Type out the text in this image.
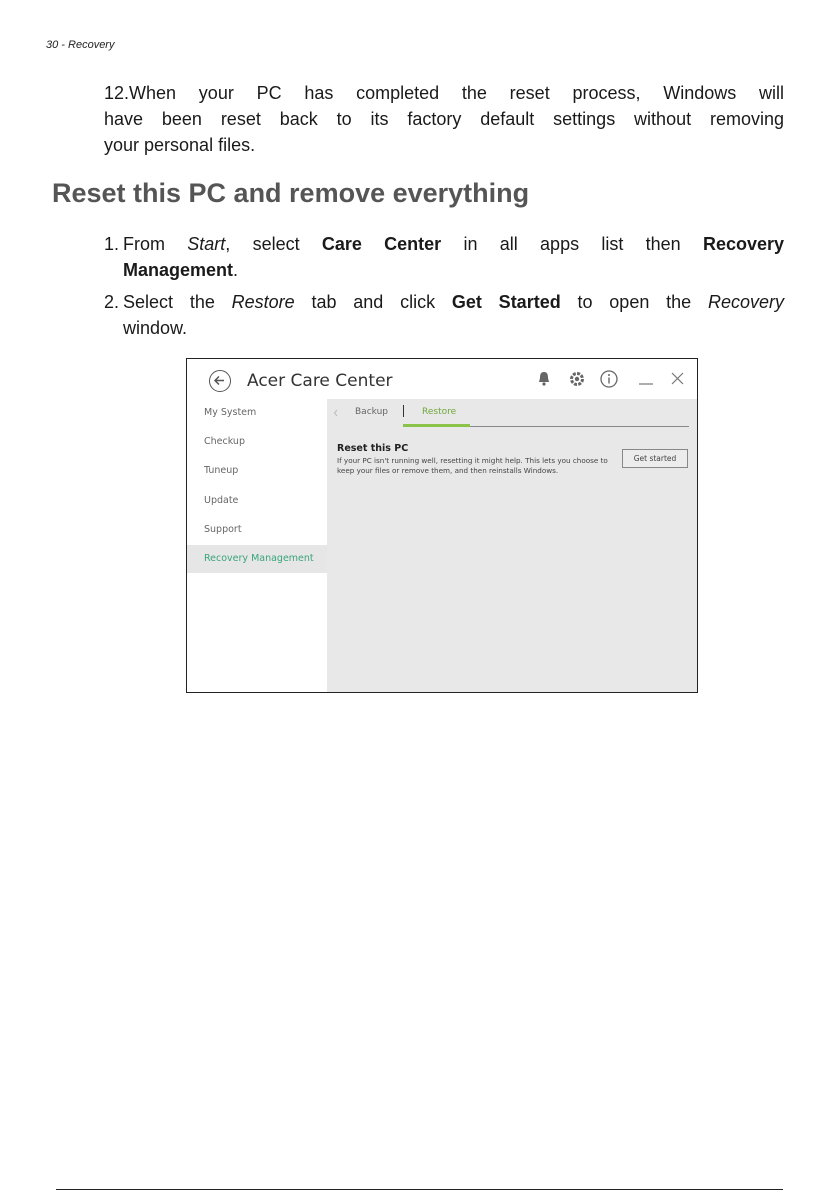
30 - Recovery
12.When your PC has completed the reset process, Windows will
have been reset back to its factory default settings without removing
your personal files.
Reset this PC and remove everything
1. From Start, select Care Center in all apps list then Recovery
Management.
2. Select the Restore tab and click Get Started to open the Recovery
window.
Acer Care Center
My System
Checkup
Tuneup
Update
Support
Recovery Management
Backup	Restore
Reset this PC
If your PC isn't running well, resetting it might help. This lets you choose to keep your files or remove them, and then reinstalls Windows.
Get started
